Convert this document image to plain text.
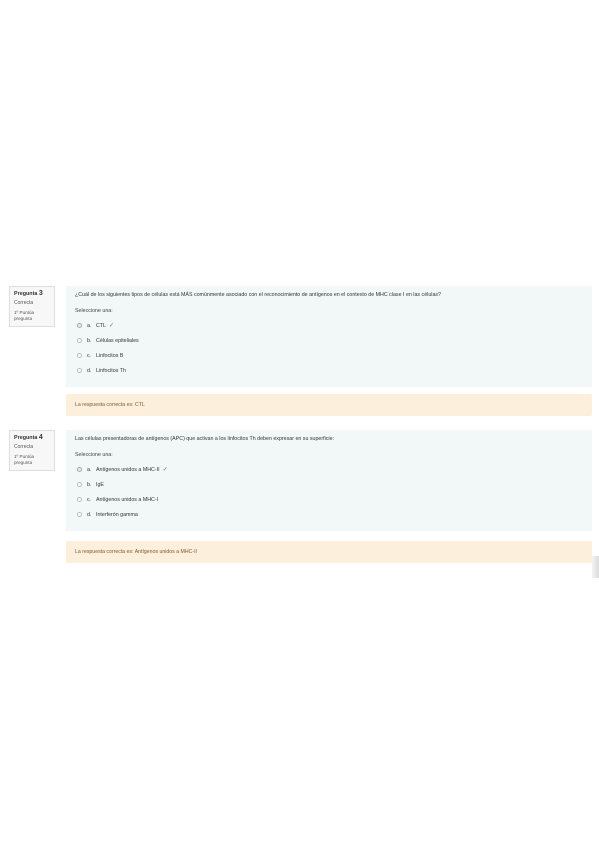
Pregunta 3
Correcta
1º Puntúa pregunta
¿Cuál de los siguientes tipos de células está MÁS comúnmente asociado con el reconocimiento de antígenos en el contexto de MHC clase I en las células?
Seleccione una:
a. CTL ✓
b. Células epiteliales
c. Linfocitos B
d. Linfocitos Th
La respuesta correcta es: CTL
Pregunta 4
Correcta
1º Puntúa pregunta
Las células presentadoras de antígenos (APC) que activan a los linfocitos Th deben expresar en su superficie:
Seleccione una:
a. Antígenos unidos a MHC-II ✓
b. IgE
c. Antígenos unidos a MHC-I
d. Interferón gamma
La respuesta correcta es: Antígenos unidos a MHC-II
